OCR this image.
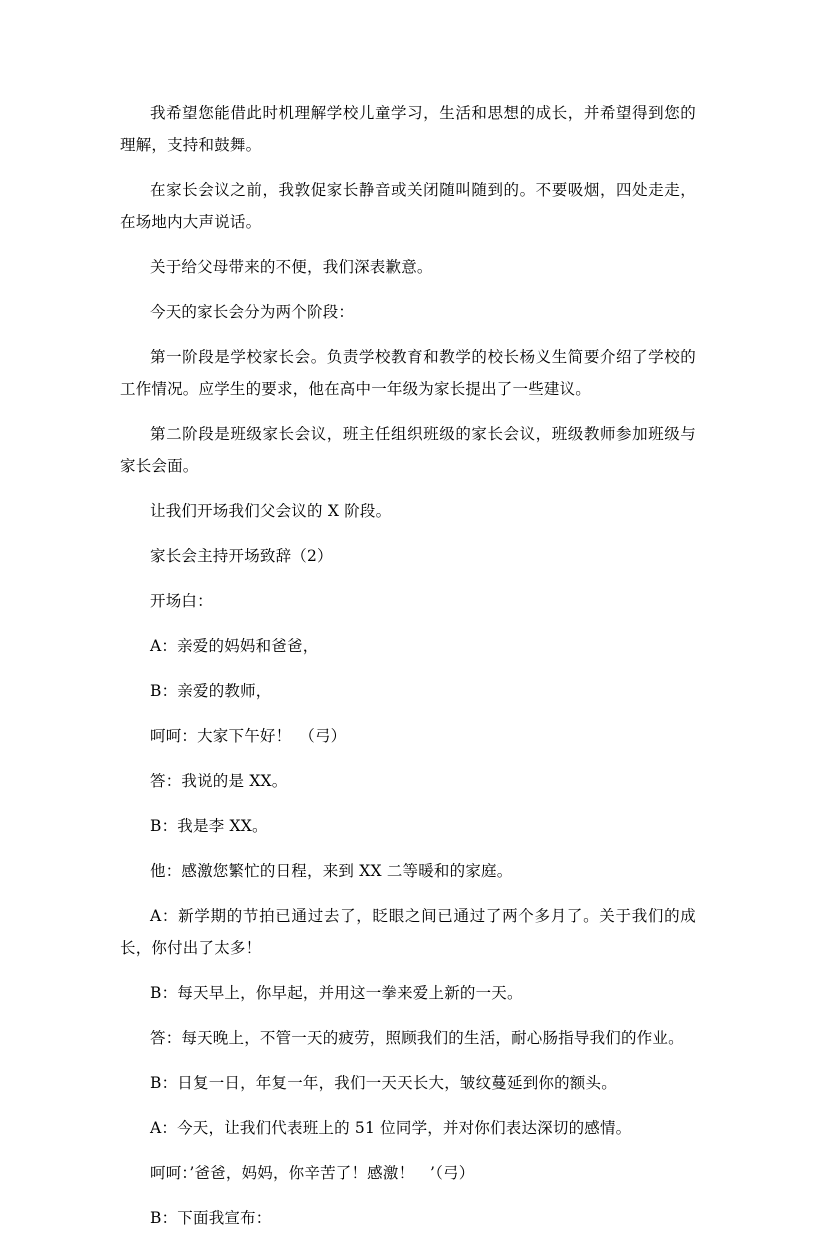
我希望您能借此时机理解学校儿童学习，生活和思想的成长，并希望得到您的理解，支持和鼓舞。

在家长会议之前，我敦促家长静音或关闭随叫随到的。不要吸烟，四处走走，在场地内大声说话。

关于给父母带来的不便，我们深表歉意。

今天的家长会分为两个阶段：

第一阶段是学校家长会。负责学校教育和教学的校长杨义生简要介绍了学校的工作情况。应学生的要求，他在高中一年级为家长提出了一些建议。

第二阶段是班级家长会议，班主任组织班级的家长会议，班级教师参加班级与家长会面。

让我们开场我们父会议的 X 阶段。

家长会主持开场致辞（2）

开场白：

A：亲爱的妈妈和爸爸，

B：亲爱的教师，

呵呵：大家下午好！　（弓）

答：我说的是 XX。

B：我是李 XX。

他：感激您繁忙的日程，来到 XX 二等暖和的家庭。

A：新学期的节拍已通过去了，眨眼之间已通过了两个多月了。关于我们的成长，你付出了太多！

B：每天早上，你早起，并用这一拳来爱上新的一天。

答：每天晚上，不管一天的疲劳，照顾我们的生活，耐心肠指导我们的作业。

B：日复一日，年复一年，我们一天天长大，皱纹蔓延到你的额头。

A：今天，让我们代表班上的 51 位同学，并对你们表达深切的感情。

呵呵：’爸爸，妈妈，你辛苦了！感激！　’（弓）

B：下面我宣布：
